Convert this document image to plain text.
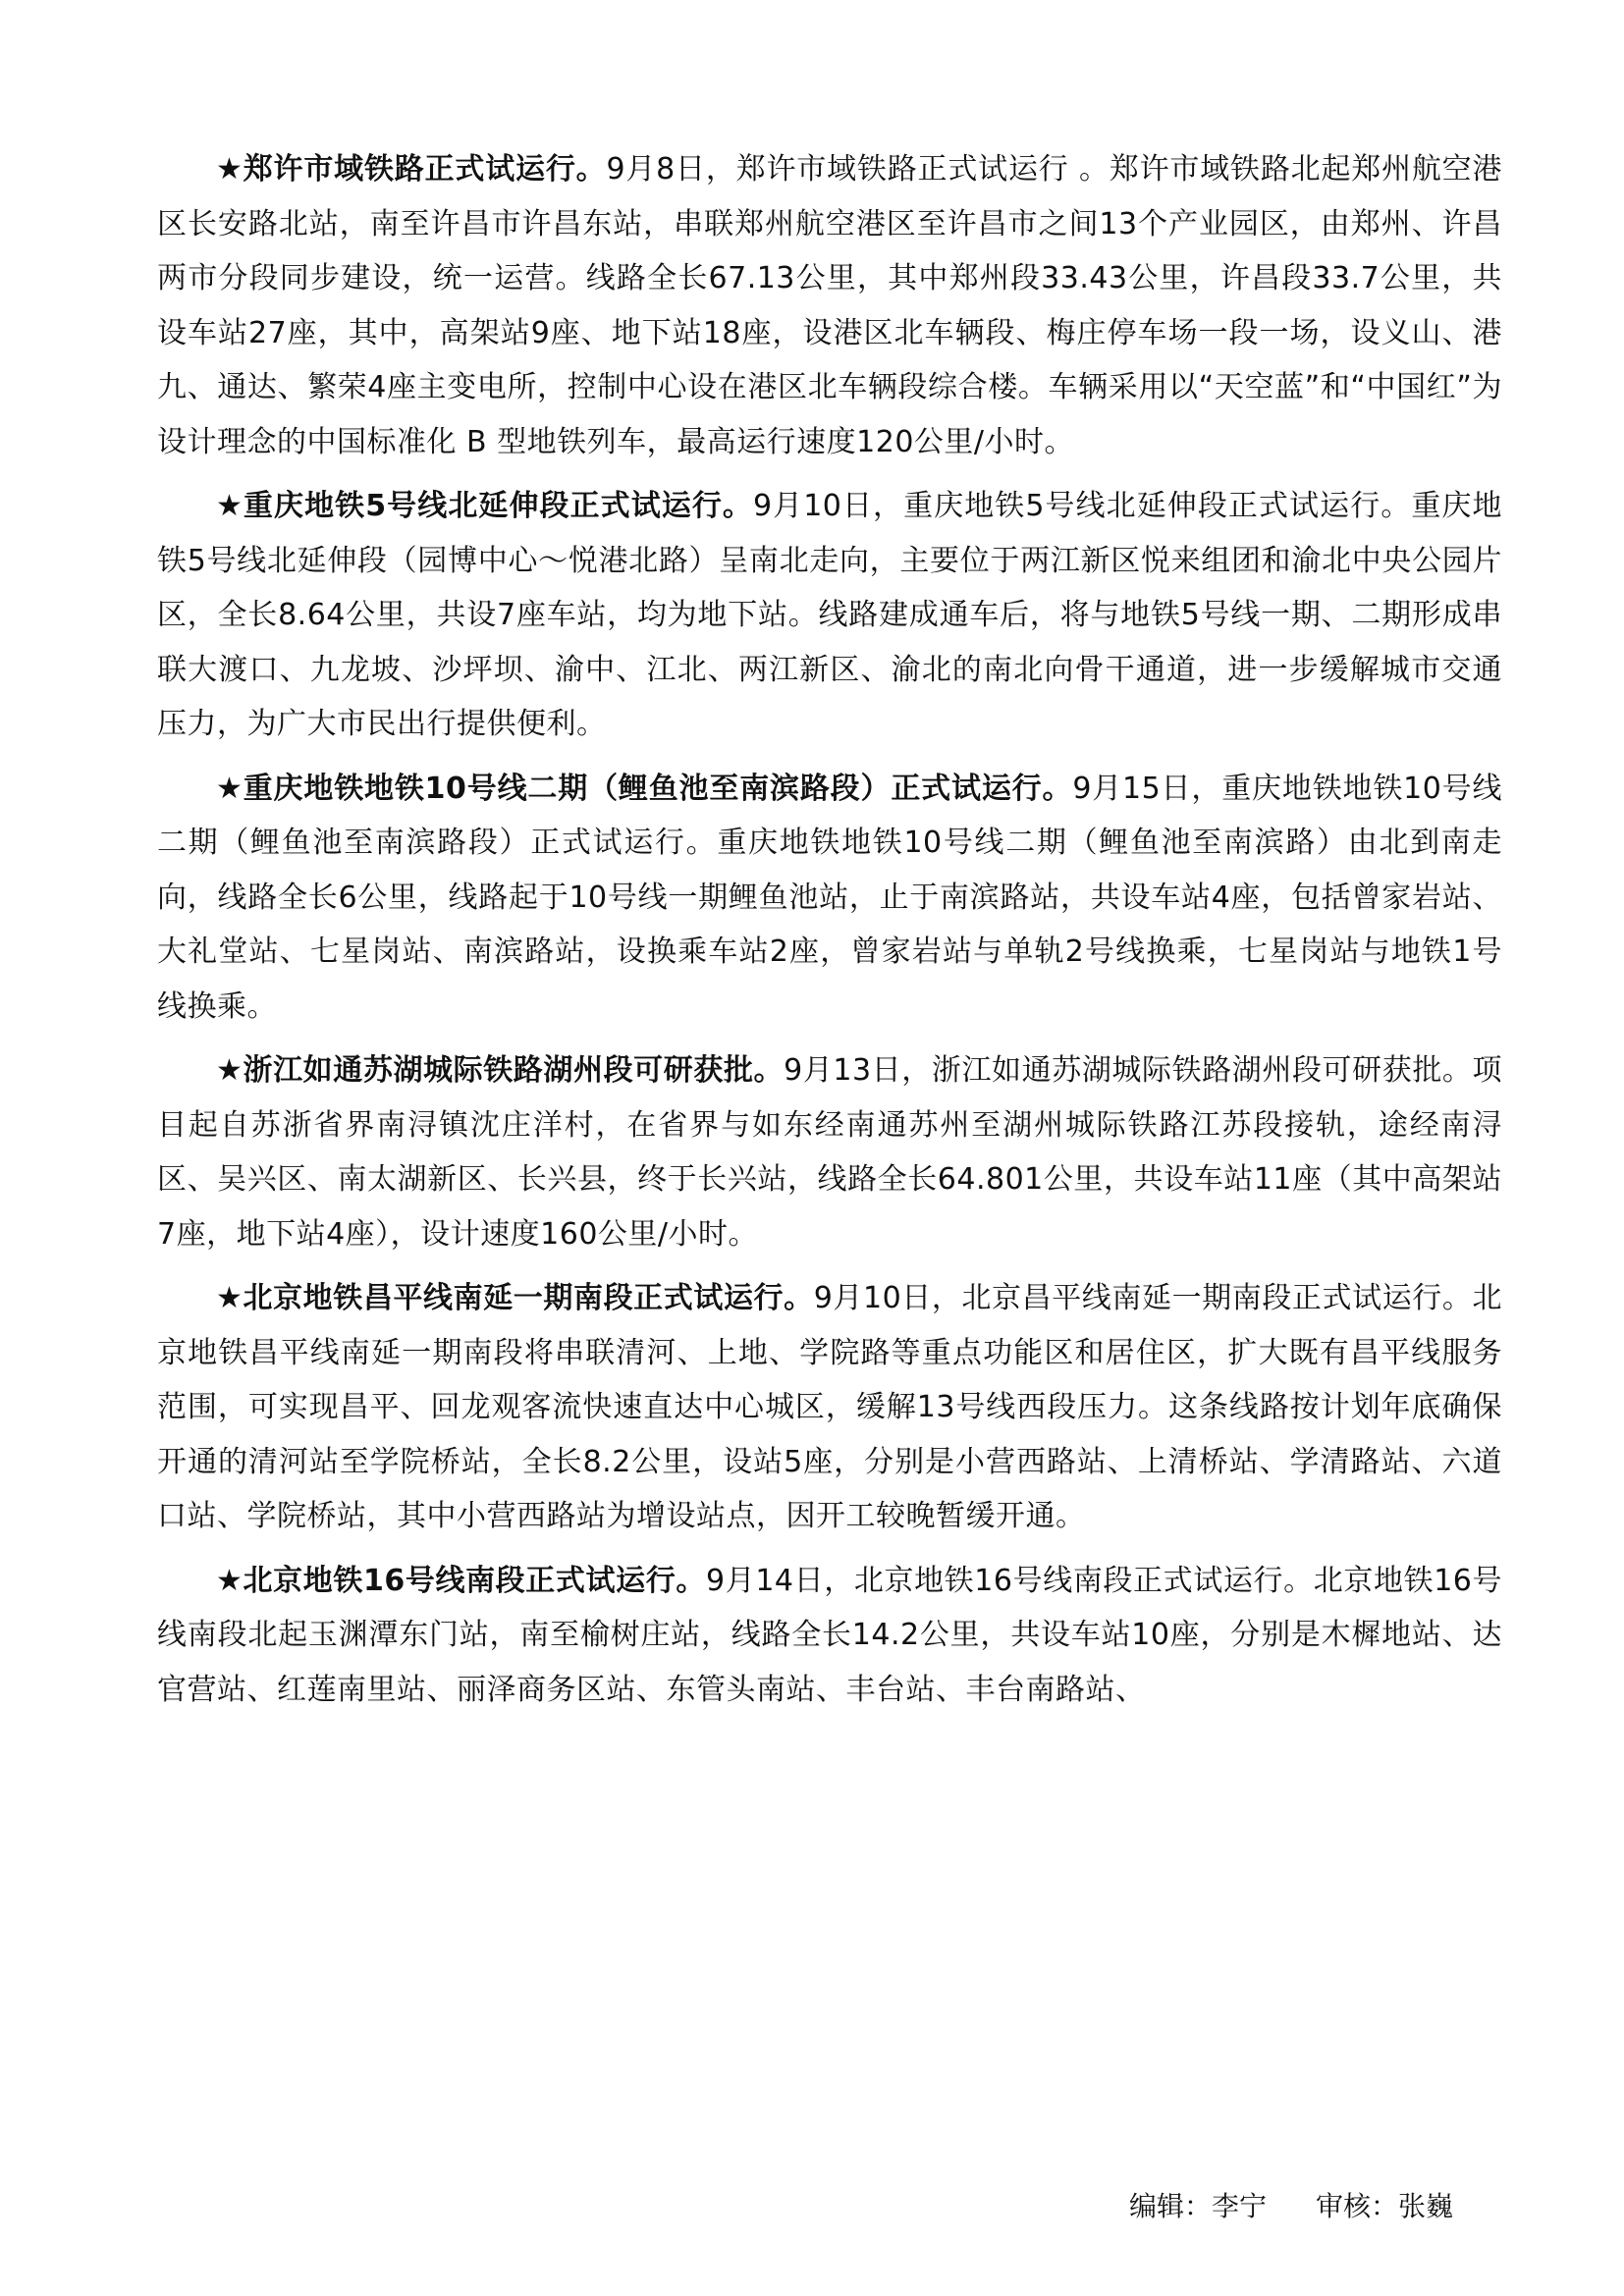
★郑许市域铁路正式试运行。9月8日，郑许市域铁路正式试运行 。郑许市域铁路北起郑州航空港区长安路北站，南至许昌市许昌东站，串联郑州航空港区至许昌市之间13个产业园区，由郑州、许昌两市分段同步建设，统一运营。线路全长67.13公里，其中郑州段33.43公里，许昌段33.7公里，共设车站27座，其中，高架站9座、地下站18座，设港区北车辆段、梅庄停车场一段一场，设义山、港九、通达、繁荣4座主变电所，控制中心设在港区北车辆段综合楼。车辆采用以“天空蓝”和“中国红”为设计理念的中国标准化 B 型地铁列车，最高运行速度120公里/小时。

★重庆地铁5号线北延伸段正式试运行。9月10日，重庆地铁5号线北延伸段正式试运行。重庆地铁5号线北延伸段（园博中心～悦港北路）呈南北走向，主要位于两江新区悦来组团和渝北中央公园片区，全长8.64公里，共设7座车站，均为地下站。线路建成通车后，将与地铁5号线一期、二期形成串联大渡口、九龙坡、沙坪坝、渝中、江北、两江新区、渝北的南北向骨干通道，进一步缓解城市交通压力，为广大市民出行提供便利。

★重庆地铁地铁10号线二期（鲤鱼池至南滨路段）正式试运行。9月15日，重庆地铁地铁10号线二期（鲤鱼池至南滨路段）正式试运行。重庆地铁地铁10号线二期（鲤鱼池至南滨路）由北到南走向，线路全长6公里，线路起于10号线一期鲤鱼池站，止于南滨路站，共设车站4座，包括曾家岩站、大礼堂站、七星岗站、南滨路站，设换乘车站2座，曾家岩站与单轨2号线换乘，七星岗站与地铁1号线换乘。

★浙江如通苏湖城际铁路湖州段可研获批。9月13日，浙江如通苏湖城际铁路湖州段可研获批。项目起自苏浙省界南浔镇沈庄洋村，在省界与如东经南通苏州至湖州城际铁路江苏段接轨，途经南浔区、吴兴区、南太湖新区、长兴县，终于长兴站，线路全长64.801公里，共设车站11座（其中高架站7座，地下站4座），设计速度160公里/小时。

★北京地铁昌平线南延一期南段正式试运行。9月10日，北京昌平线南延一期南段正式试运行。北京地铁昌平线南延一期南段将串联清河、上地、学院路等重点功能区和居住区，扩大既有昌平线服务范围，可实现昌平、回龙观客流快速直达中心城区，缓解13号线西段压力。这条线路按计划年底确保开通的清河站至学院桥站，全长8.2公里，设站5座，分别是小营西路站、上清桥站、学清路站、六道口站、学院桥站，其中小营西路站为增设站点，因开工较晚暂缓开通。

★北京地铁16号线南段正式试运行。9月14日，北京地铁16号线南段正式试运行。北京地铁16号线南段北起玉渊潭东门站，南至榆树庄站，线路全长14.2公里，共设车站10座，分别是木樨地站、达官营站、红莲南里站、丽泽商务区站、东管头南站、丰台站、丰台南路站、

编辑：李宁 审核：张巍
